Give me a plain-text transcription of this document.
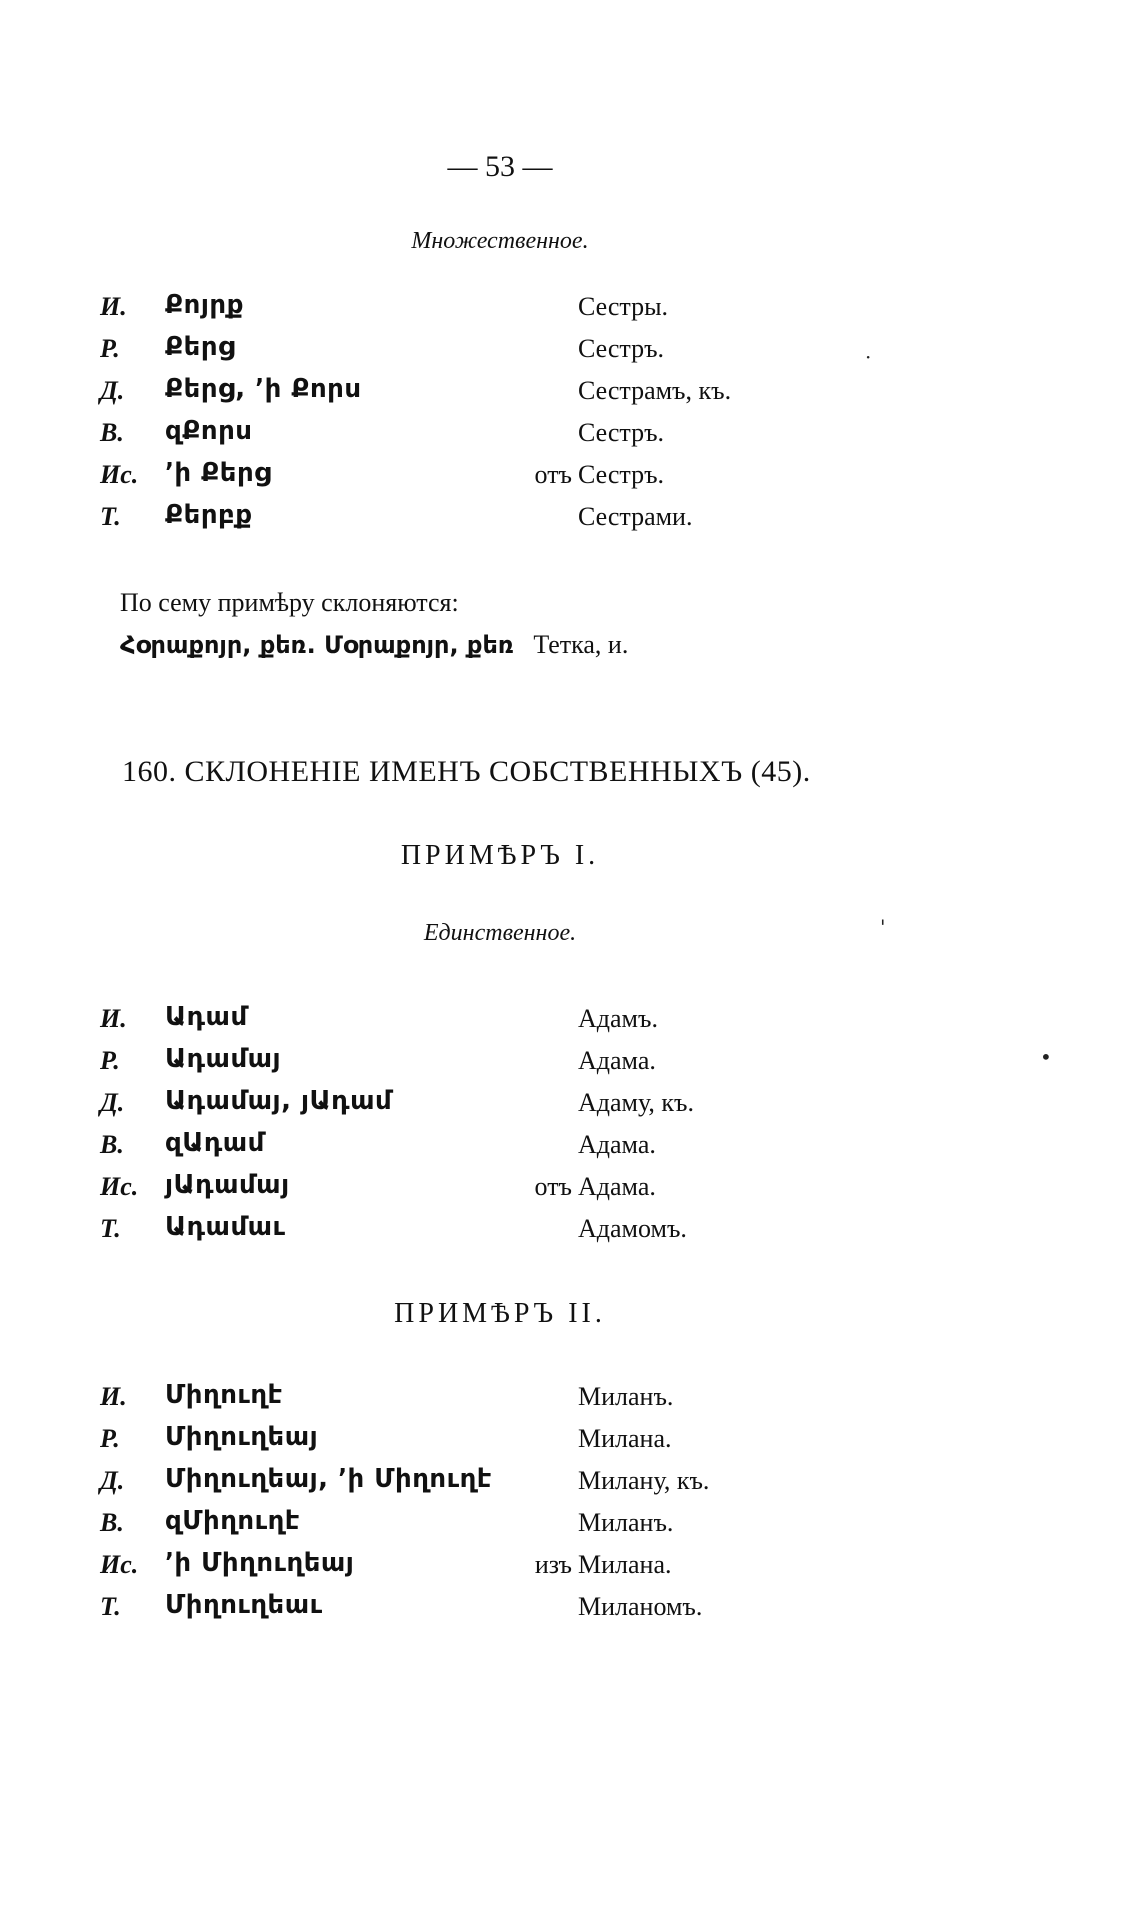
— 53 —
Множественное.
И. Քոյրք	Сестры.
Р. Քերց	Сестръ.
Д. Քերց, ՚ի Քորս	Сестрамъ, къ.
В. զՔորս	Сестръ.
Ис. ՚ի Քերց	отъ Сестръ.
Т. Քերբք	Сестрами.
По сему примѣру склоняются:
Հօրաքոյր, քեռ. Մօրաքոյր, քեռ Тетка, и.
160. СКЛОНЕНІЕ ИМЕНЪ СОБСТВЕННЫХЪ (45).
ПРИМѢРЪ I.
Единственное.
И. Ադամ	Адамъ.
Р. Ադամայ	Адама.
Д. Ադամայ, յԱդամ	Адаму, къ.
В. զԱդամ	Адама.
Ис. յԱդամայ	отъ Адама.
Т. Ադամաւ	Адамомъ.
ПРИМѢРЪ II.
И. Միղուղէ	Миланъ.
Р. Միղուղեայ	Милана.
Д. Միղուղեայ, ՚ի Միղուղէ	Милану, къ.
В. զՄիղուղէ	Миланъ.
Ис. ՚ի Միղուղեայ	изъ Милана.
Т. Միղուղեաւ	Миланомъ.
·
'
•
